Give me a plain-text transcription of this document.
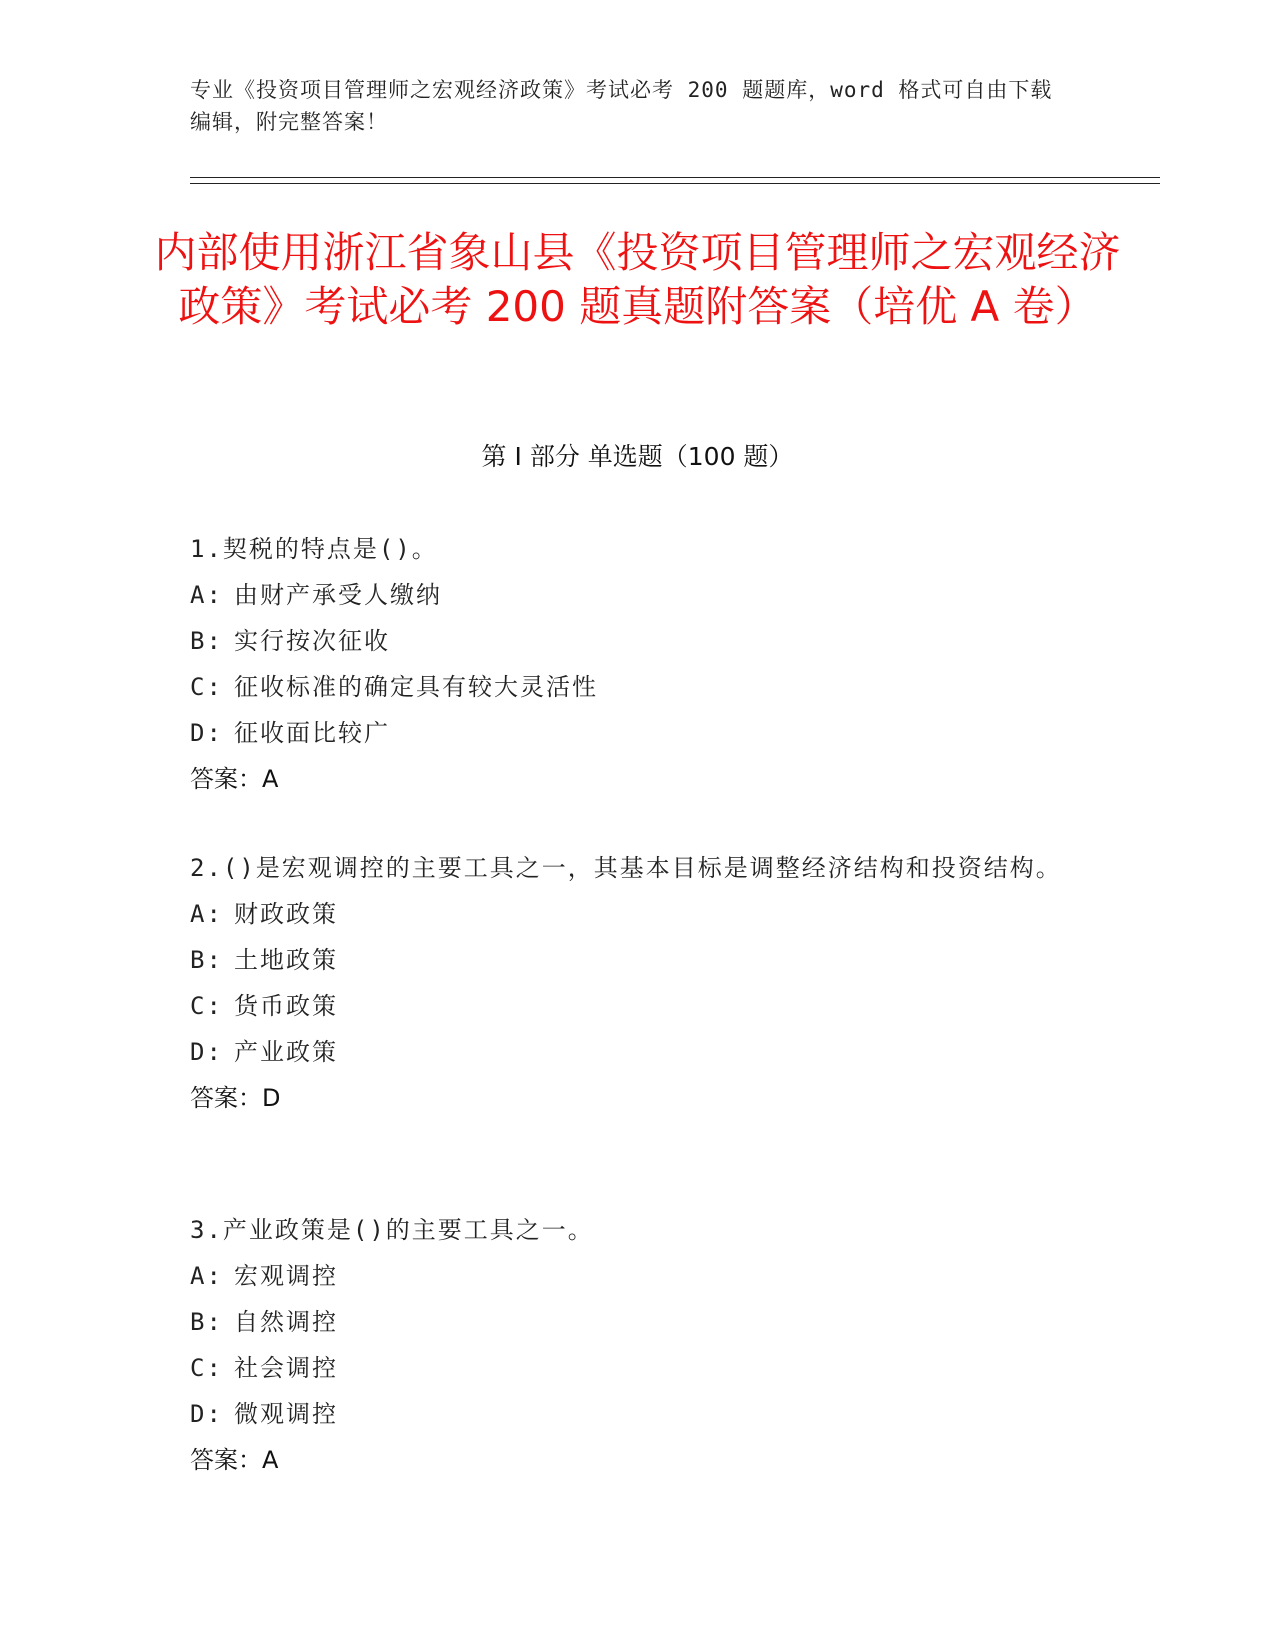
专业《投资项目管理师之宏观经济政策》考试必考 200 题题库，word 格式可自由下载编辑，附完整答案！
内部使用浙江省象山县《投资项目管理师之宏观经济政策》考试必考 200 题真题附答案（培优 A 卷）
第 I 部分 单选题（100 题）

1.契税的特点是()。

A: 由财产承受人缴纳

B: 实行按次征收

C: 征收标准的确定具有较大灵活性

D: 征收面比较广

答案：A

2.()是宏观调控的主要工具之一，其基本目标是调整经济结构和投资结构。

A: 财政政策

B: 土地政策

C: 货币政策

D: 产业政策

答案：D

3.产业政策是()的主要工具之一。

A: 宏观调控

B: 自然调控

C: 社会调控

D: 微观调控

答案：A
